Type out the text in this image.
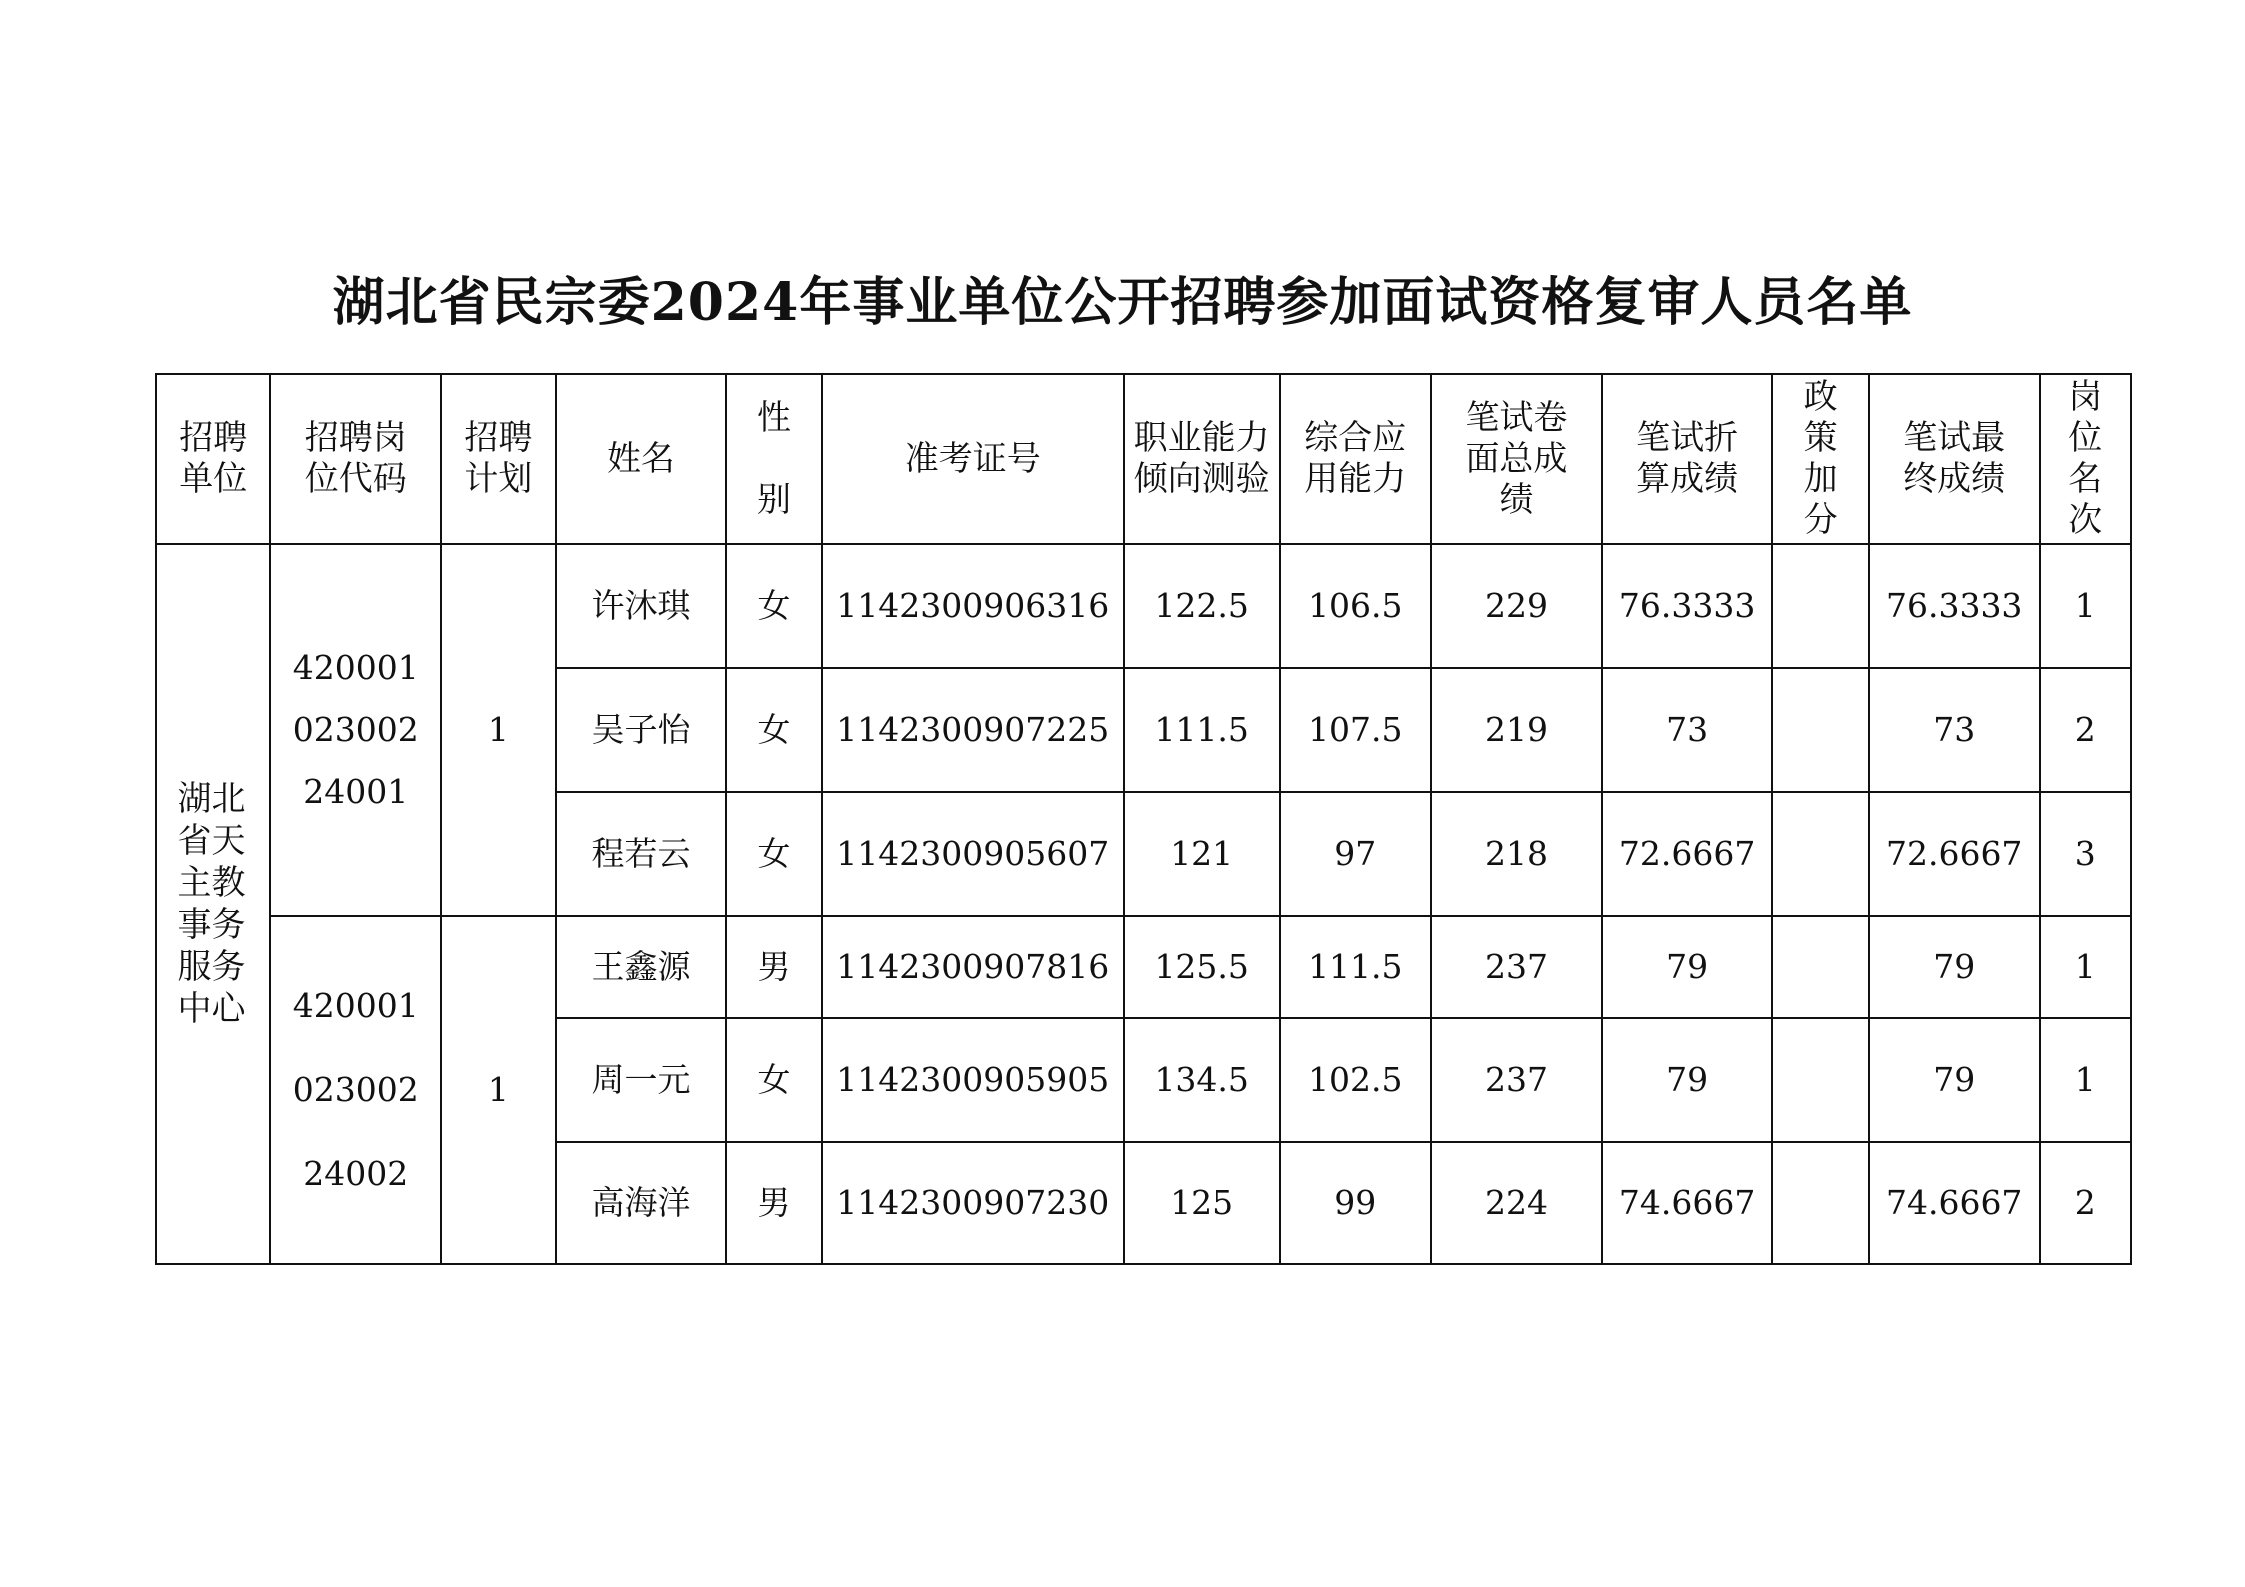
湖北省民宗委2024年事业单位公开招聘参加面试资格复审人员名单
招聘单位	招聘岗位代码	招聘计划	姓名	性别	准考证号	职业能力倾向测验	综合应用能力	笔试卷面总成绩	笔试折算成绩	政策加分	笔试最终成绩	岗位名次
湖北省天主教事务服务中心	42000102300224001	1	许沐琪	女	1142300906316	122.5	106.5	229	76.3333		76.3333	1
			吴子怡	女	1142300907225	111.5	107.5	219	73		73	2
			程若云	女	1142300905607	121	97	218	72.6667		72.6667	3
	42000102300224002	1	王鑫源	男	1142300907816	125.5	111.5	237	79		79	1
			周一元	女	1142300905905	134.5	102.5	237	79		79	1
			高海洋	男	1142300907230	125	99	224	74.6667		74.6667	2
